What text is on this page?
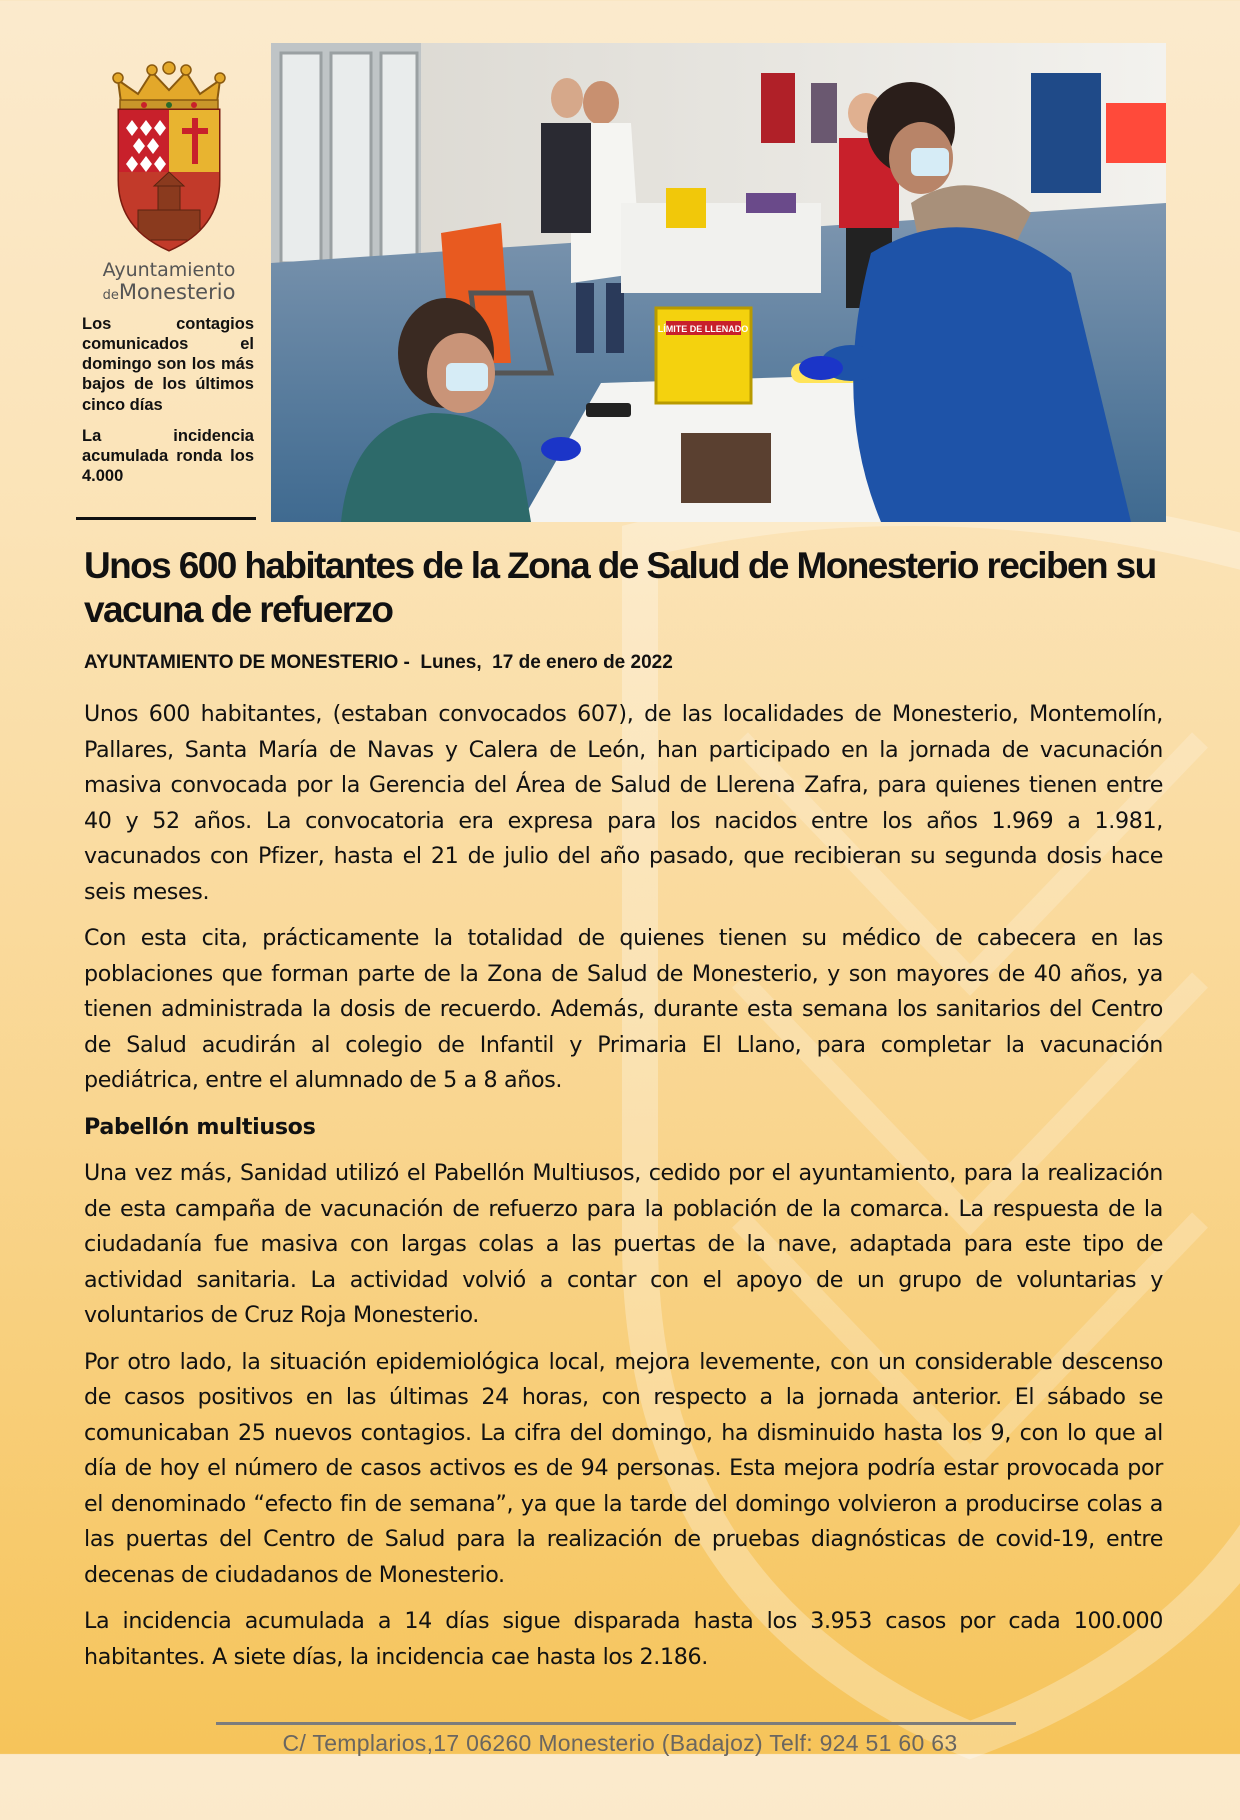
Ayuntamiento
deMonesterio

Los contagios comunicados el domingo son los más bajos de los últimos cinco días

La incidencia acumulada ronda los 4.000

LÍMITE DE LLENADO
Unos 600 habitantes de la Zona de Salud de Monesterio reciben su vacuna de refuerzo
AYUNTAMIENTO DE MONESTERIO -  Lunes,  17 de enero de 2022

Unos 600 habitantes, (estaban convocados 607), de las localidades de Monesterio, Montemolín, Pallares, Santa María de Navas y Calera de León, han participado en la jornada de vacunación masiva convocada por la Gerencia del Área de Salud de Llerena Zafra, para quienes tienen entre 40 y 52 años. La convocatoria era expresa para los nacidos entre los años 1.969 a 1.981, vacunados con Pfizer, hasta el 21 de julio del año pasado, que recibieran su segunda dosis hace seis meses.

Con esta cita, prácticamente la totalidad de quienes tienen su médico de cabecera en las poblaciones que forman parte de la Zona de Salud de Monesterio, y son mayores de 40 años, ya tienen administrada la dosis de recuerdo. Además, durante esta semana los sanitarios del Centro de Salud acudirán al colegio de Infantil y Primaria El Llano, para completar la vacunación pediátrica, entre el alumnado de 5 a 8 años.

Pabellón multiusos

Una vez más, Sanidad utilizó el Pabellón Multiusos, cedido por el ayuntamiento, para la realización de esta campaña de vacunación de refuerzo para la población de la comarca. La respuesta de la ciudadanía fue masiva con largas colas a las puertas de la nave, adaptada para este tipo de actividad sanitaria. La actividad volvió a contar con el apoyo de un grupo de voluntarias y voluntarios de Cruz Roja Monesterio.

Por otro lado, la situación epidemiológica local, mejora levemente, con un considerable descenso de casos positivos en las últimas 24 horas, con respecto a la jornada anterior. El sábado se comunicaban 25 nuevos contagios. La cifra del domingo, ha disminuido hasta los 9, con lo que al día de hoy el número de casos activos es de 94 personas. Esta mejora podría estar provocada por el denominado “efecto fin de semana”, ya que la tarde del domingo volvieron a producirse colas a las puertas del Centro de Salud para la realización de pruebas diagnósticas de covid-19, entre decenas de ciudadanos de Monesterio.

La incidencia acumulada a 14 días sigue disparada hasta los 3.953 casos por cada 100.000 habitantes. A siete días, la incidencia cae hasta los 2.186.

C/ Templarios,17 06260 Monesterio (Badajoz) Telf: 924 51 60 63
